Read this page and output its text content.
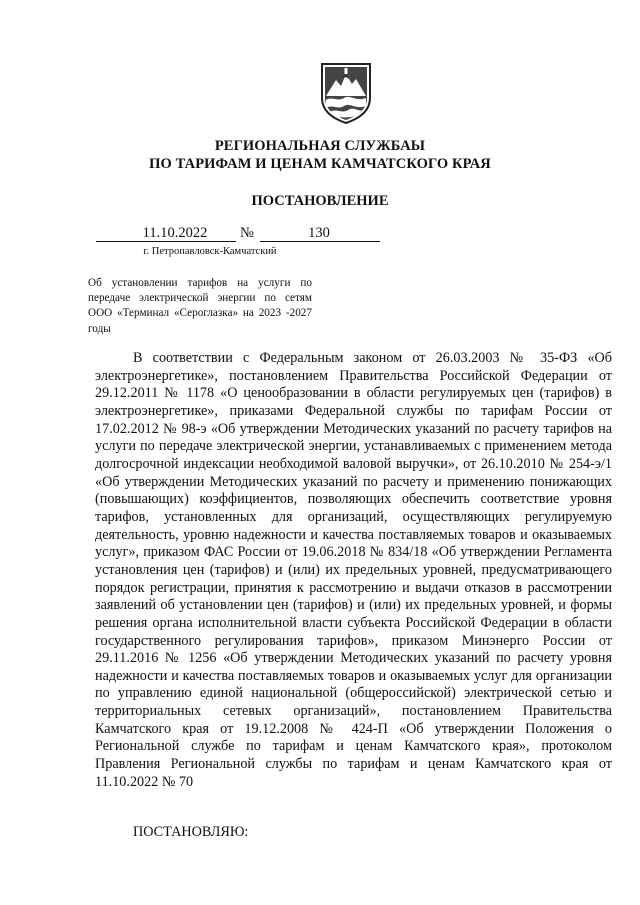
РЕГИОНАЛЬНАЯ СЛУЖБАЫ
ПО ТАРИФАМ И ЦЕНАМ КАМЧАТСКОГО КРАЯ
ПОСТАНОВЛЕНИЕ
11.10.2022	№	130
г. Петропавловск-Камчатский
Об установлении тарифов на услуги по передаче электрической энергии по сетям ООО «Терминал «Сероглазка» на 2023 -2027 годы

В соответствии с Федеральным законом от 26.03.2003 № 35-ФЗ «Об электроэнергетике», постановлением Правительства Российской Федерации от 29.12.2011 № 1178 «О ценообразовании в области регулируемых цен (тарифов) в электроэнергетике», приказами Федеральной службы по тарифам России от 17.02.2012 № 98-э «Об утверждении Методических указаний по расчету тарифов на услуги по передаче электрической энергии, устанавливаемых с применением метода долгосрочной индексации необходимой валовой выручки», от 26.10.2010 № 254-э/1 «Об утверждении Методических указаний по расчету и применению понижающих (повышающих) коэффициентов, позволяющих обеспечить соответствие уровня тарифов, установленных для организаций, осуществляющих регулируемую деятельность, уровню надежности и качества поставляемых товаров и оказываемых услуг», приказом ФАС России от 19.06.2018 № 834/18 «Об утверждении Регламента установления цен (тарифов) и (или) их предельных уровней, предусматривающего порядок регистрации, принятия к рассмотрению и выдачи отказов в рассмотрении заявлений об установлении цен (тарифов) и (или) их предельных уровней, и формы решения органа исполнительной власти субъекта Российской Федерации в области государственного регулирования тарифов», приказом Минэнерго России от 29.11.2016 № 1256 «Об утверждении Методических указаний по расчету уровня надежности и качества поставляемых товаров и оказываемых услуг для организации по управлению единой национальной (общероссийской) электрической сетью и территориальных сетевых организаций», постановлением Правительства Камчатского края от 19.12.2008 № 424-П «Об утверждении Положения о Региональной службе по тарифам и ценам Камчатского края», протоколом Правления Региональной службы по тарифам и ценам Камчатского края от 11.10.2022 № 70

ПОСТАНОВЛЯЮ:
